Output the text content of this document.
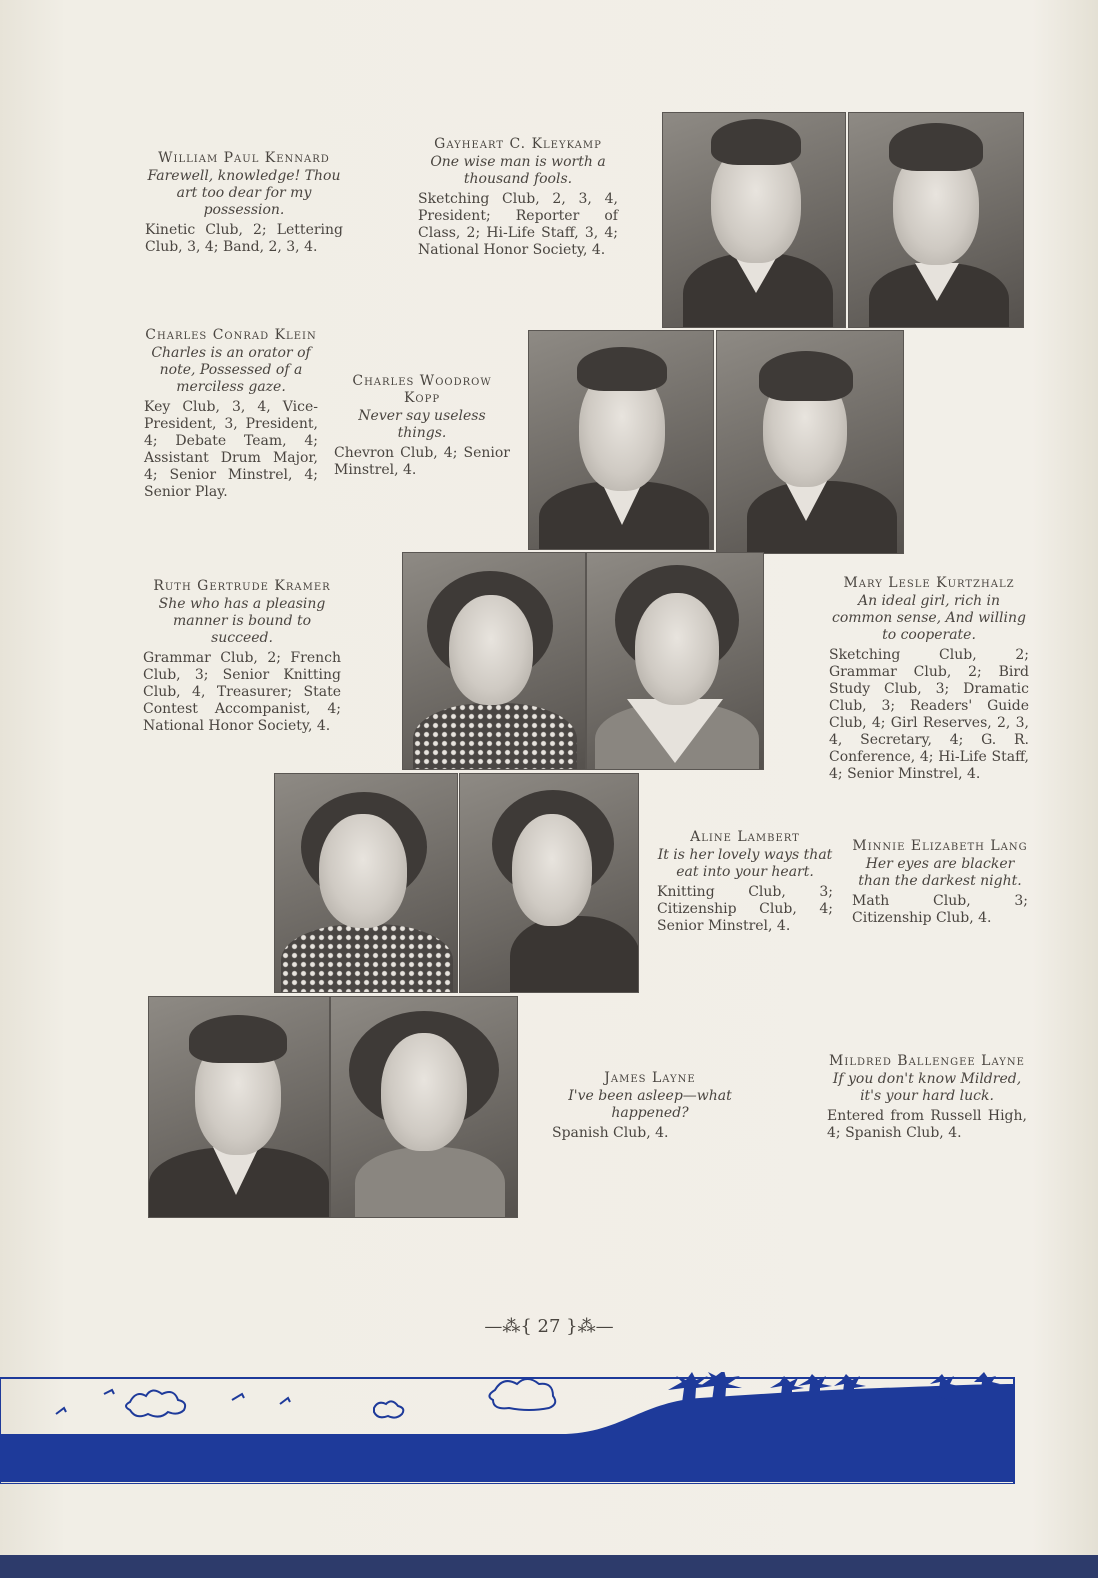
William Paul Kennard
Farewell, knowledge! Thou art too dear for my possession.
Kinetic Club, 2; Lettering Club, 3, 4; Band, 2, 3, 4.
Gayheart C. Kleykamp
One wise man is worth a thousand fools.
Sketching Club, 2, 3, 4, President; Reporter of Class, 2; Hi-Life Staff, 3, 4; National Honor Society, 4.
Charles Conrad Klein
Charles is an orator of note, Possessed of a merciless gaze.
Key Club, 3, 4, Vice-President, 3, President, 4; Debate Team, 4; Assistant Drum Major, 4; Senior Minstrel, 4; Senior Play.
Charles Woodrow Kopp
Never say useless things.
Chevron Club, 4; Senior Minstrel, 4.
Ruth Gertrude Kramer
She who has a pleasing manner is bound to succeed.
Grammar Club, 2; French Club, 3; Senior Knitting Club, 4, Treasurer; State Contest Accompanist, 4; National Honor Society, 4.
Mary Lesle Kurtzhalz
An ideal girl, rich in common sense, And willing to cooperate.
Sketching Club, 2; Grammar Club, 2; Bird Study Club, 3; Dramatic Club, 3; Readers' Guide Club, 4; Girl Reserves, 2, 3, 4, Secretary, 4; G. R. Conference, 4; Hi-Life Staff, 4; Senior Minstrel, 4.
Aline Lambert
It is her lovely ways that eat into your heart.
Knitting Club, 3; Citizenship Club, 4; Senior Minstrel, 4.
Minnie Elizabeth Lang
Her eyes are blacker than the darkest night.
Math Club, 3; Citizenship Club, 4.
James Layne
I've been asleep—what happened?
Spanish Club, 4.
Mildred Ballengee Layne
If you don't know Mildred, it's your hard luck.
Entered from Russell High, 4; Spanish Club, 4.
—⁂{ 27 }⁂—
